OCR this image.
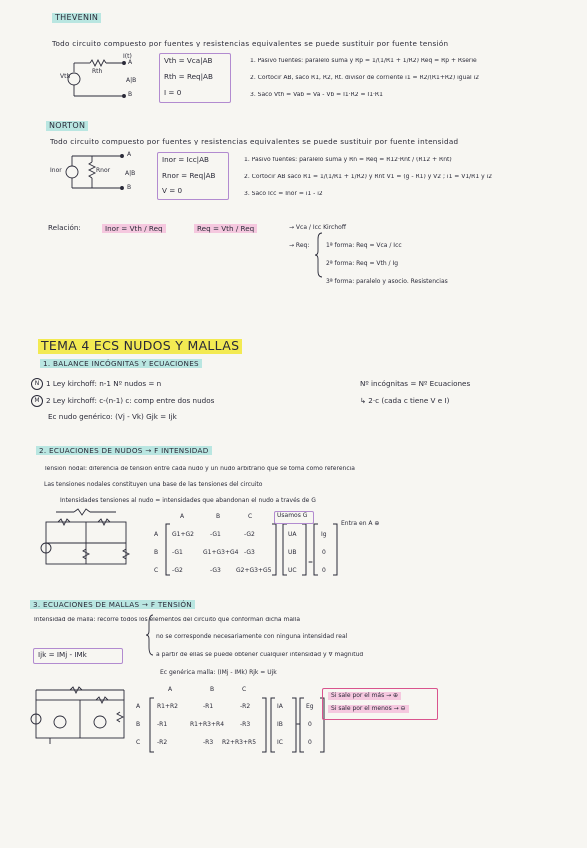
THEVENIN
Todo circuito compuesto por fuentes y resistencias equivalentes se puede sustituir por fuente tensión
Vth
Rth
I(t)
A
A|B
B
Vth = Vca|AB
Rth = Req|AB
I = 0
1. Pasivo fuentes: paralelo suma y Rp = 1/(1/R1 + 1/R2) Req = Rp + Rserie
2. Cortocir AB, saco R1, R2, Rt. divisor de corriente i1 = R2/(R1+R2) igual i2
3. Saco Vth = Vab = Va - Vb = I1·R2 = I1·R1
NORTON
Todo circuito compuesto por fuentes y resistencias equivalentes se puede sustituir por fuente intensidad
Inor	Rnor
A
A|B
B
Inor = Icc|AB
Rnor = Req|AB
V = 0
1. Pasivo fuentes: paralelo suma y Rn = Req = R12·Rnt / (R12 + Rnt)
2. Cortocir AB saco R1 = 1/(1/R1 + 1/R2) y Rnt V1 = (g - R1) y V2 ; i1 = V1/R1 y i2
3. Saco Icc = Inor = i1 - i2
Relación:	Inor = Vth / Req	Req = Vth / Req	→ Vca / Icc Kirchoff
→ Req:	1ª forma: Req = Vca / Icc
2ª forma: Req = Vth / Ig
3ª forma: paralelo y asocio. Resistencias
TEMA 4 ECS NUDOS Y MALLAS
1. BALANCE INCÓGNITAS Y ECUACIONES
N 1 Ley kirchoff: n-1 Nº nudos = n
M 2 Ley kirchoff: c-(n-1) c: comp entre dos nudos
Ec nudo genérico: (Vj - Vk) Gjk = Ijk
Nº incógnitas = Nº Ecuaciones
↳ 2·c (cada c tiene V e I)
2. ECUACIONES DE NUDOS → F INTENSIDAD
Tensión nodal: diferencia de tensión entre cada nudo y un nudo arbitrario que se toma como referencia
Las tensiones nodales constituyen una base de las tensiones del circuito
Intensidades tensiones al nudo = intensidades que abandonan el nudo a través de G
A	B	C
A
B
C
G1+G2	-G1	-G2
-G1	G1+G3+G4 -G3
-G2	-G3	G2+G3+G5
UA
UB
UC
=
Ig
0
0
Usamos G
Entra en A ⊕
3. ECUACIONES DE MALLAS → F TENSIÓN
Intensidad de malla: recorre todos los elementos del circuito que conforman dicha malla
no se corresponde necesariamente con ninguna intensidad real
a partir de ellas se puede obtener cualquier intensidad y ∀ magnitud
Ijk = IMj - IMk
Ec genérica malla: (IMj - IMk) Rjk = Ujk
A	B	C
A
B
C
R1+R2	-R1	-R2
-R1	R1+R3+R4	-R3
-R2	-R3 R2+R3+R5
IA
IB
IC
=
Eg
0
0
Si sale por el más → ⊕
Si sale por el menos → ⊖
